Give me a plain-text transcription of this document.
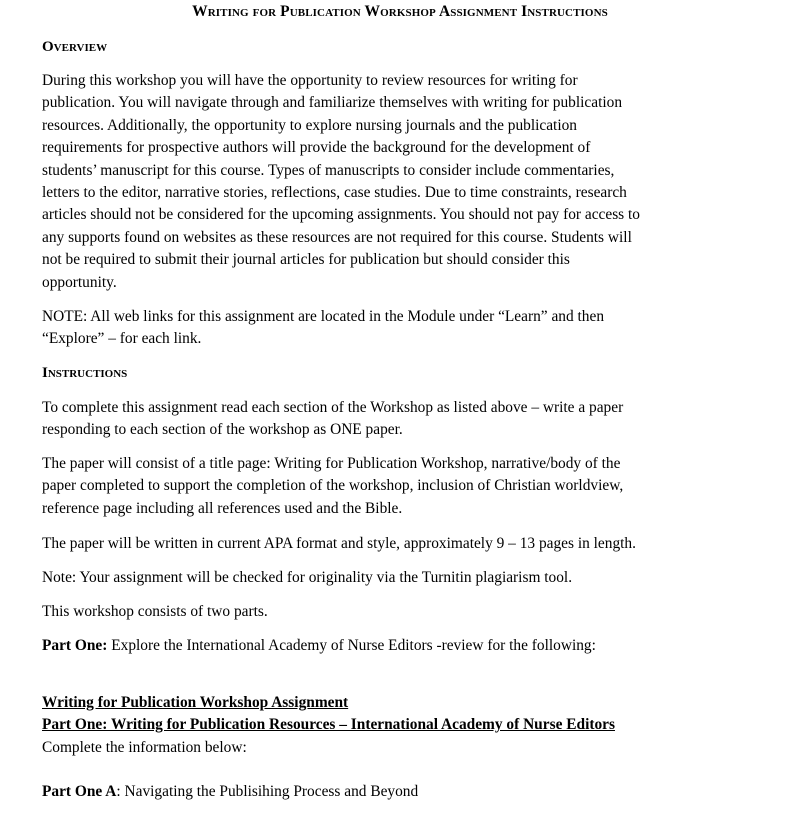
Writing for Publication Workshop Assignment Instructions
Overview
During this workshop you will have the opportunity to review resources for writing for
publication. You will navigate through and familiarize themselves with writing for publication
resources. Additionally, the opportunity to explore nursing journals and the publication
requirements for prospective authors will provide the background for the development of
students’ manuscript for this course. Types of manuscripts to consider include commentaries,
letters to the editor, narrative stories, reflections, case studies. Due to time constraints, research
articles should not be considered for the upcoming assignments. You should not pay for access to
any supports found on websites as these resources are not required for this course. Students will
not be required to submit their journal articles for publication but should consider this
opportunity.
NOTE: All web links for this assignment are located in the Module under “Learn” and then
“Explore” – for each link.
Instructions
To complete this assignment read each section of the Workshop as listed above – write a paper
responding to each section of the workshop as ONE paper.
The paper will consist of a title page: Writing for Publication Workshop, narrative/body of the
paper completed to support the completion of the workshop, inclusion of Christian worldview,
reference page including all references used and the Bible.
The paper will be written in current APA format and style, approximately 9 – 13 pages in length.
Note: Your assignment will be checked for originality via the Turnitin plagiarism tool.
This workshop consists of two parts.
Part One: Explore the International Academy of Nurse Editors -review for the following:
Writing for Publication Workshop Assignment
Part One: Writing for Publication Resources – International Academy of Nurse Editors
Complete the information below:
Part One A: Navigating the Publisihing Process and Beyond
